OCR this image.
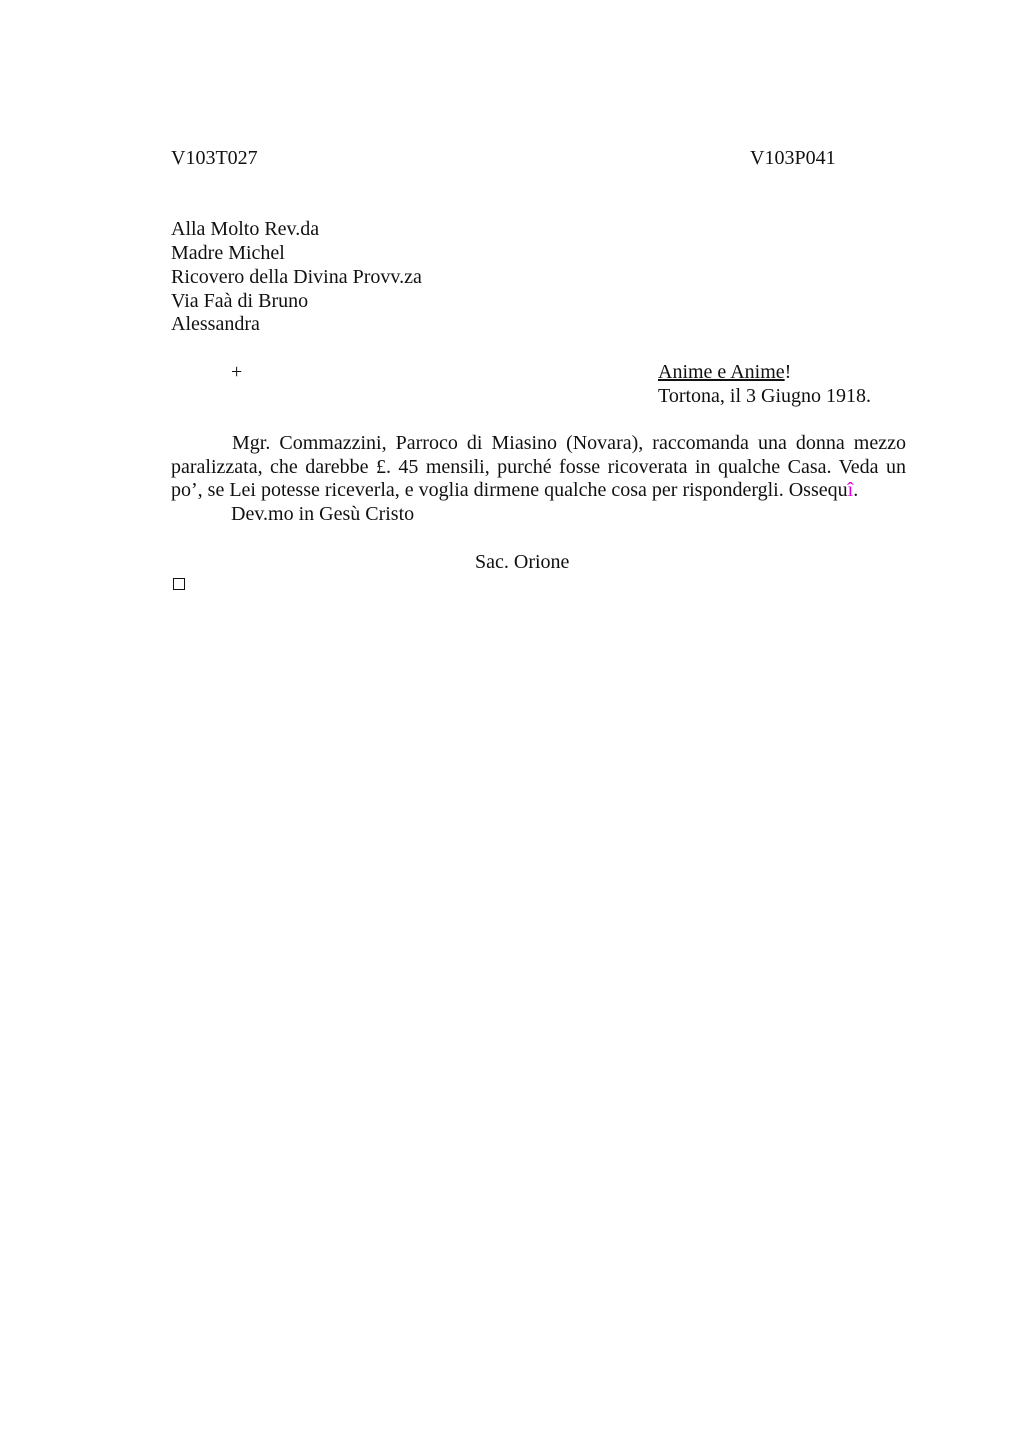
V103T027	V103P041
Alla Molto Rev.da
Madre Michel
Ricovero della Divina Provv.za
Via Faà di Bruno
Alessandra
+	Anime e Anime!
Tortona, il 3 Giugno 1918.
Mgr. Commazzini, Parroco di Miasino (Novara), raccomanda una donna mezzo paralizzata, che darebbe £. 45 mensili, purché fosse ricoverata in qualche Casa. Veda un po’, se Lei potesse riceverla, e voglia dirmene qualche cosa per rispondergli. Ossequî.
Dev.mo in Gesù Cristo
Sac. Orione
